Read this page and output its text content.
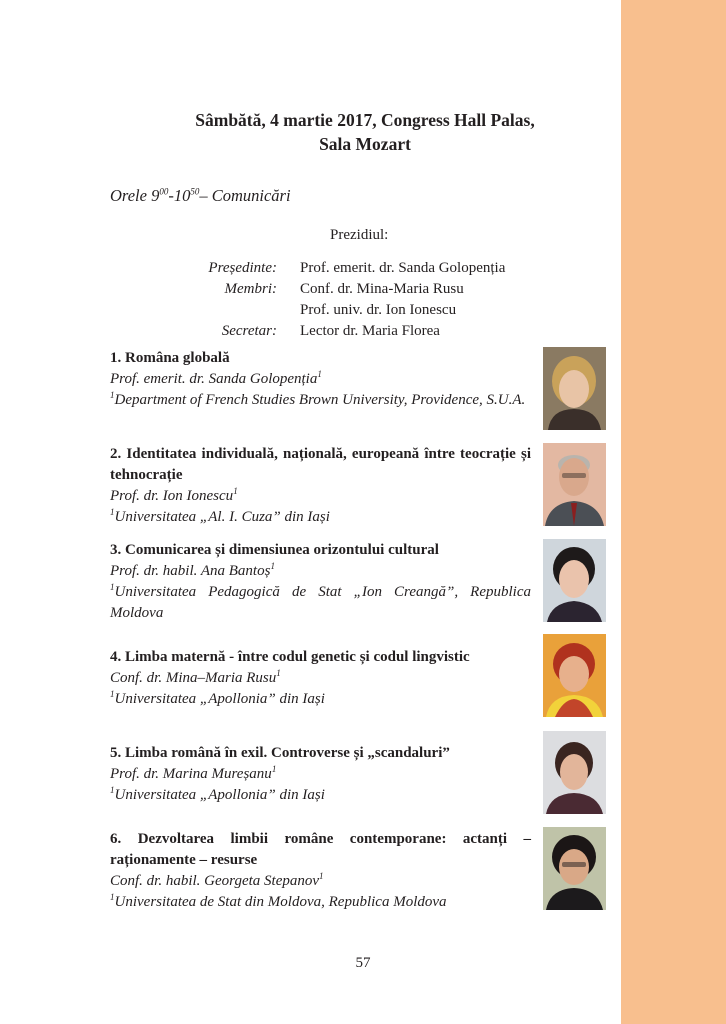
Sâmbătă, 4 martie 2017, Congress Hall Palas,
Sala Mozart
Orele $9^{00}-10^{50}-$ Comunicări
Prezidiul:
Președinte:
Membri:
Secretar:
Prof. emerit. dr. Sanda Golopenția
Conf. dr. Mina-Maria Rusu
Prof. univ. dr. Ion Ionescu
Lector dr. Maria Florea
1. Româna globală
Prof. emerit. dr. Sanda Golopenția$^1$
$^1$Department of French Studies Brown University, Providence, S.U.A.
2. Identitatea individuală, națională, europeană între teocrație și tehnocrație
Prof. dr. Ion Ionescu$^1$
$^1$Universitatea „Al. I. Cuza” din Iași
3. Comunicarea și dimensiunea orizontului cultural
Prof. dr. habil. Ana Bantoș$^1$
$^1$Universitatea Pedagogică de Stat „Ion Creangă”, Republica Moldova
4. Limba maternă - între codul genetic și codul lingvistic
Conf. dr. Mina–Maria Rusu$^1$
$^1$Universitatea „Apollonia” din Iași
5. Limba română în exil. Controverse și „scandaluri”
Prof. dr. Marina Mureșanu$^1$
$^1$Universitatea „Apollonia” din Iași
6. Dezvoltarea limbii române contemporane: actanți – raționamente – resurse
Conf. dr. habil. Georgeta Stepanov$^1$
$^1$Universitatea de Stat din Moldova, Republica Moldova
57
